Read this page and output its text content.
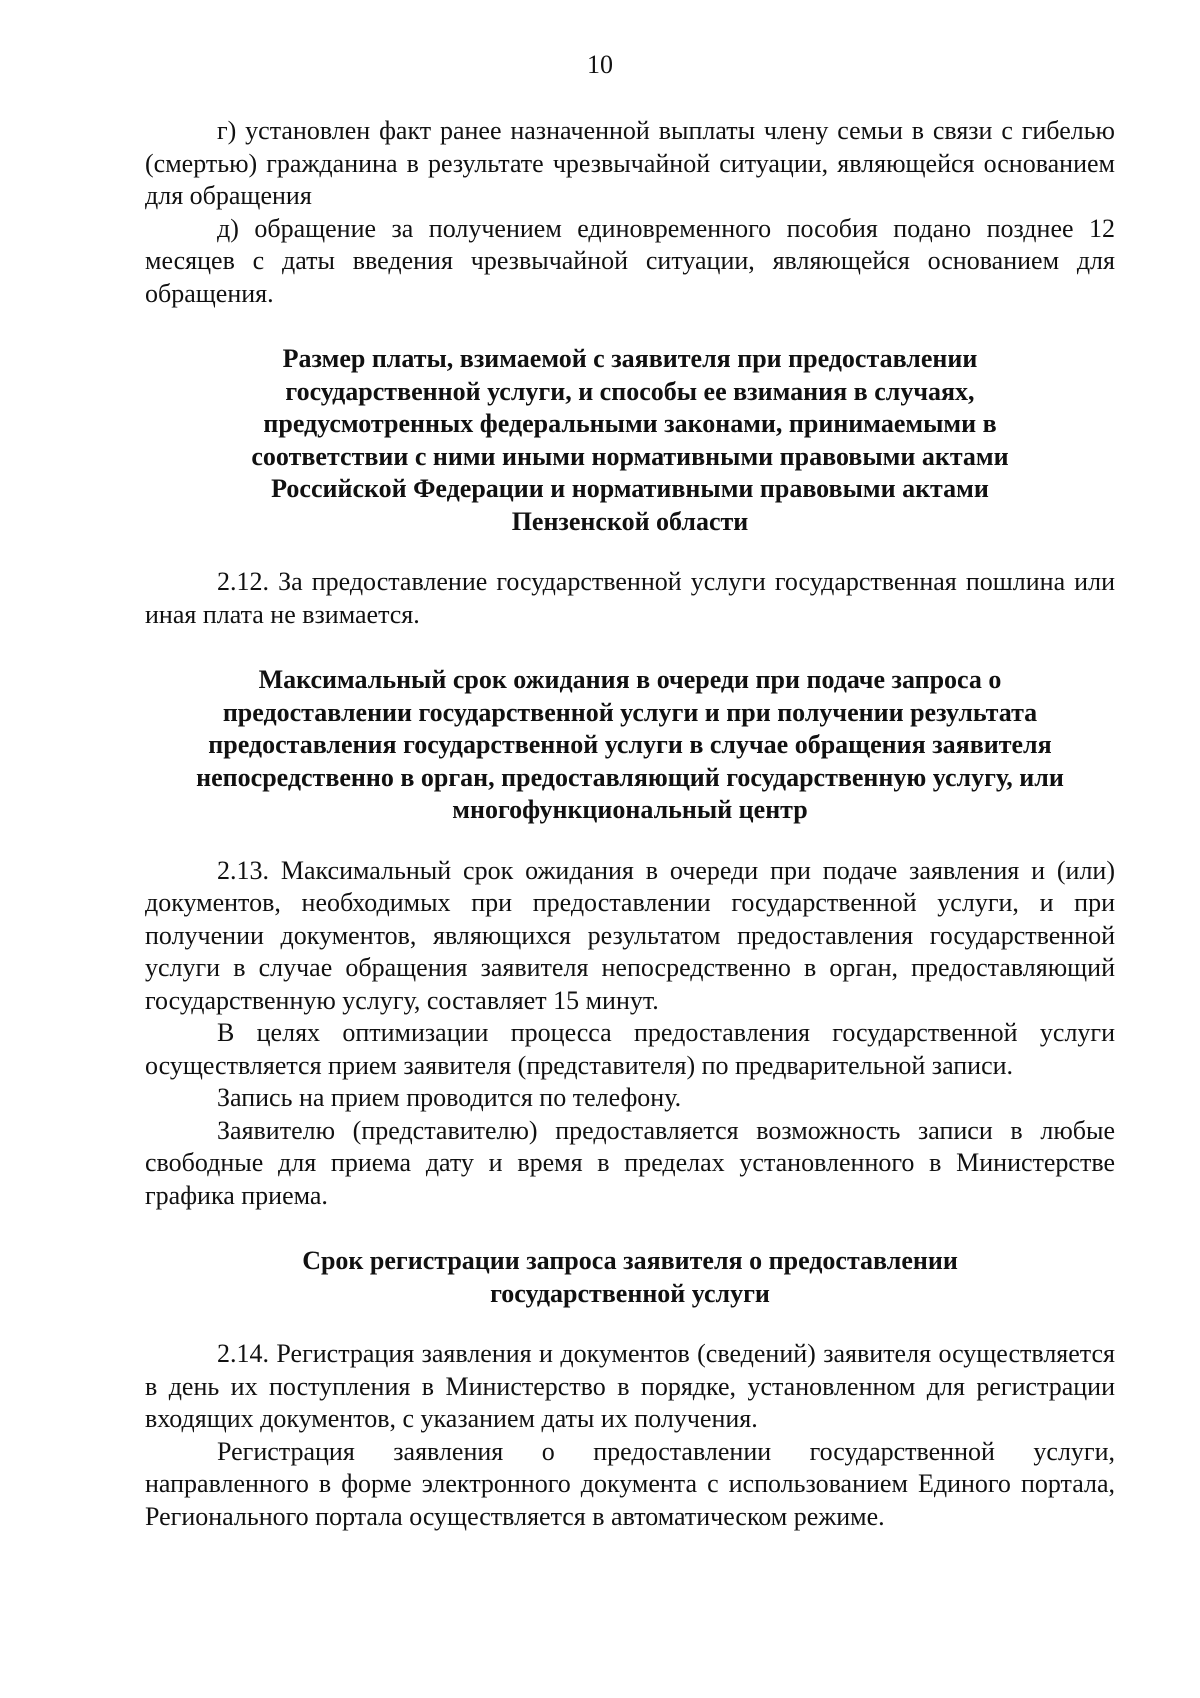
10

г) установлен факт ранее назначенной выплаты члену семьи в связи с гибелью (смертью) гражданина в результате чрезвычайной ситуации, являющейся основанием для обращения

д) обращение за получением единовременного пособия подано позднее 12 месяцев с даты введения чрезвычайной ситуации, являющейся основанием для обращения.

Размер платы, взимаемой с заявителя при предоставлении
государственной услуги, и способы ее взимания в случаях,
предусмотренных федеральными законами, принимаемыми в
соответствии с ними иными нормативными правовыми актами
Российской Федерации и нормативными правовыми актами
Пензенской области

2.12. За предоставление государственной услуги государственная пошлина или иная плата не взимается.

Максимальный срок ожидания в очереди при подаче запроса о
предоставлении государственной услуги и при получении результата
предоставления государственной услуги в случае обращения заявителя
непосредственно в орган, предоставляющий государственную услугу, или
многофункциональный центр

2.13. Максимальный срок ожидания в очереди при подаче заявления и (или) документов, необходимых при предоставлении государственной услуги, и при получении документов, являющихся результатом предоставления государственной услуги в случае обращения заявителя непосредственно в орган, предоставляющий государственную услугу, составляет 15 минут.

В целях оптимизации процесса предоставления государственной услуги осуществляется прием заявителя (представителя) по предварительной записи.

Запись на прием проводится по телефону.

Заявителю (представителю) предоставляется возможность записи в любые свободные для приема дату и время в пределах установленного в Министерстве графика приема.

Срок регистрации запроса заявителя о предоставлении
государственной услуги

2.14. Регистрация заявления и документов (сведений) заявителя осуществляется в день их поступления в Министерство в порядке, установленном для регистрации входящих документов, с указанием даты их получения.

Регистрация заявления о предоставлении государственной услуги, направленного в форме электронного документа с использованием Единого портала, Регионального портала осуществляется в автоматическом режиме.
